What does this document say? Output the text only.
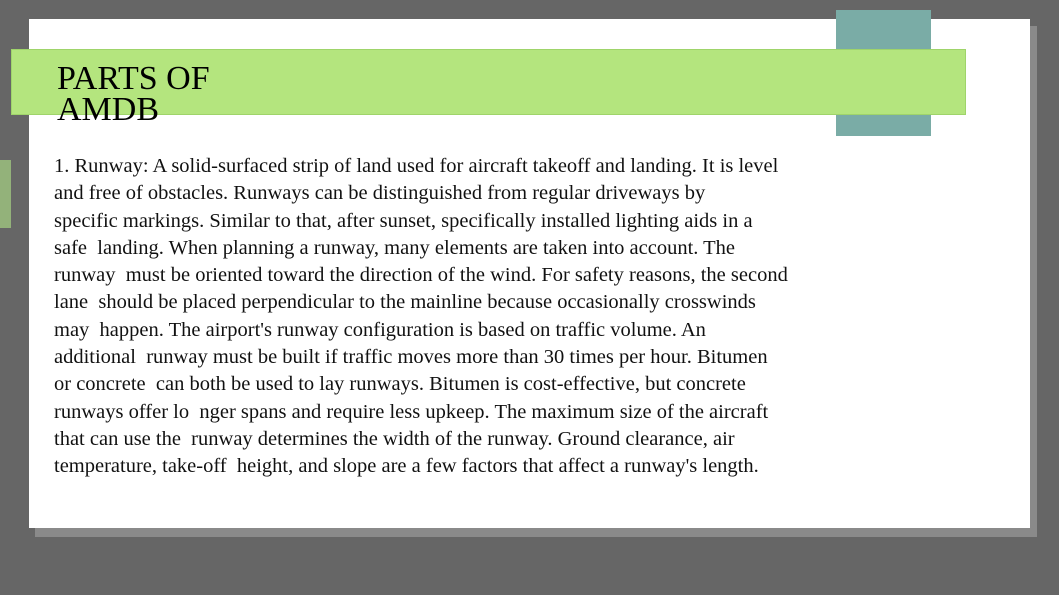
PARTS OF
AMDB
1. Runway: A solid-surfaced strip of land used for aircraft takeoff and landing. It is level
and free of obstacles. Runways can be distinguished from regular driveways by
specific markings. Similar to that, after sunset, specifically installed lighting aids in a
safe  landing. When planning a runway, many elements are taken into account. The
runway  must be oriented toward the direction of the wind. For safety reasons, the second
lane  should be placed perpendicular to the mainline because occasionally crosswinds
may  happen. The airport's runway configuration is based on traffic volume. An
additional  runway must be built if traffic moves more than 30 times per hour. Bitumen
or concrete  can both be used to lay runways. Bitumen is cost-effective, but concrete
runways offer lo  nger spans and require less upkeep. The maximum size of the aircraft
that can use the  runway determines the width of the runway. Ground clearance, air
temperature, take-off  height, and slope are a few factors that affect a runway's length.
